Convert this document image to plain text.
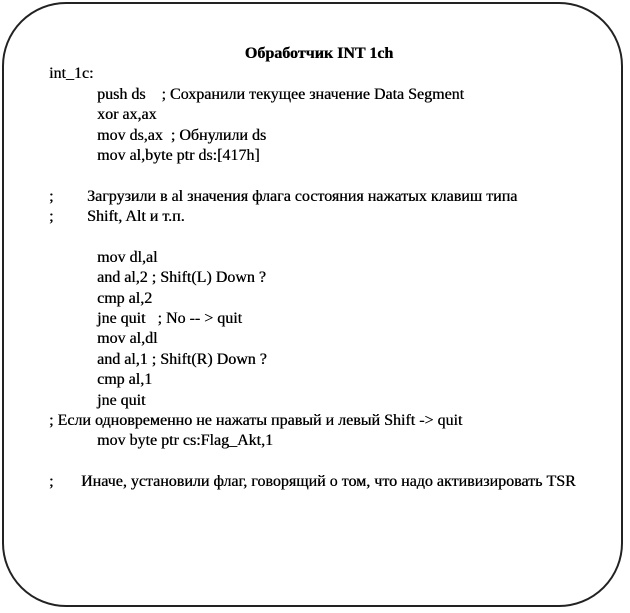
Обработчик INT 1ch
int_1c:
push ds    ; Сохранили текущее значение Data Segment
xor ax,ax
mov ds,ax  ; Обнулили ds
mov al,byte ptr ds:[417h]
; Загрузили в al значения флага состояния нажатых клавиш типа
; Shift, Alt и т.п.
mov dl,al
and al,2 ; Shift(L) Down ?
cmp al,2
jne quit   ; No -- > quit
mov al,dl
and al,1 ; Shift(R) Down ?
cmp al,1
jne quit
; Если одновременно не нажаты правый и левый Shift -> quit
mov byte ptr cs:Flag_Akt,1
; Иначе, установили флаг, говорящий о том, что надо активизировать TSR
